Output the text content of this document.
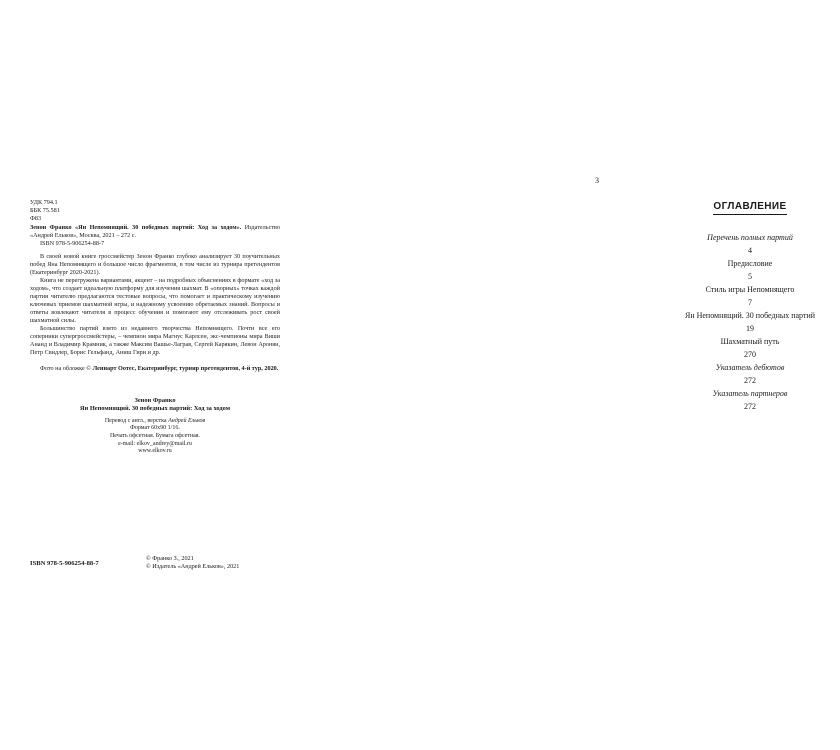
УДК 794.1
ББК 75.581
Ф83
Зенон Франко «Ян Непомнящий. 30 победных партий: Ход за ходом». Издательство «Андрей Ельков», Москва, 2021 – 272 с.
ISBN 978-5-906254-88-7

В своей новой книге гроссмейстер Зенон Франко глубоко анализирует 30 поучительных побед Яна Непомнящего и большое число фрагментов, в том числе из турнира претендентов (Екатеринбург 2020-2021).

Книга не перегружена вариантами, акцент – на подробных объяснениях в формате «ход за ходом», что создает идеальную платформу для изучения шахмат. В «опорных» точках каждой партии читателю предлагаются тестовые вопросы, что помогает и практическому изучению ключевых приемов шахматной игры, и надежному усвоению обретаемых знаний. Вопросы и ответы вовлекают читателя в процесс обучения и помогают ему отслеживать рост своей шахматной силы.

Большинство партий взято из недавнего творчества Непомнящего. Почти все его соперники супергроссмейстеры, – чемпион мира Магнус Карлсен, экс-чемпионы мира Виши Ананд и Владимир Крамник, а также Максим Вашье-Лаграв, Сергей Карякин, Левон Аронян, Петр Свидлер, Борис Гельфанд, Аниш Гири и др.

Фото на обложке © Леннарт Оотес, Екатеринбург, турнир претендентов, 4-й тур, 2020.
Зенон Франко
Ян Непомнящий. 30 победных партий: Ход за ходом
Перевод с англ., верстка Андрей Ельков
Формат 60х90 1/16.
Печать офсетная. Бумага офсетная.
e-mail: elkov_andrey@mail.ru
www.elkov.ru
ISBN 978-5-906254-88-7
© Франко З., 2021
© Издатель «Андрей Ельков», 2021
3
ОГЛАВЛЕНИЕ
Перечень полных партий
4
Предисловие
5
Стиль игры Непомнящего
7
Ян Непомнящий. 30 победных партий
19
Шахматный путь
270
Указатель дебютов
272
Указатель партнеров
272
